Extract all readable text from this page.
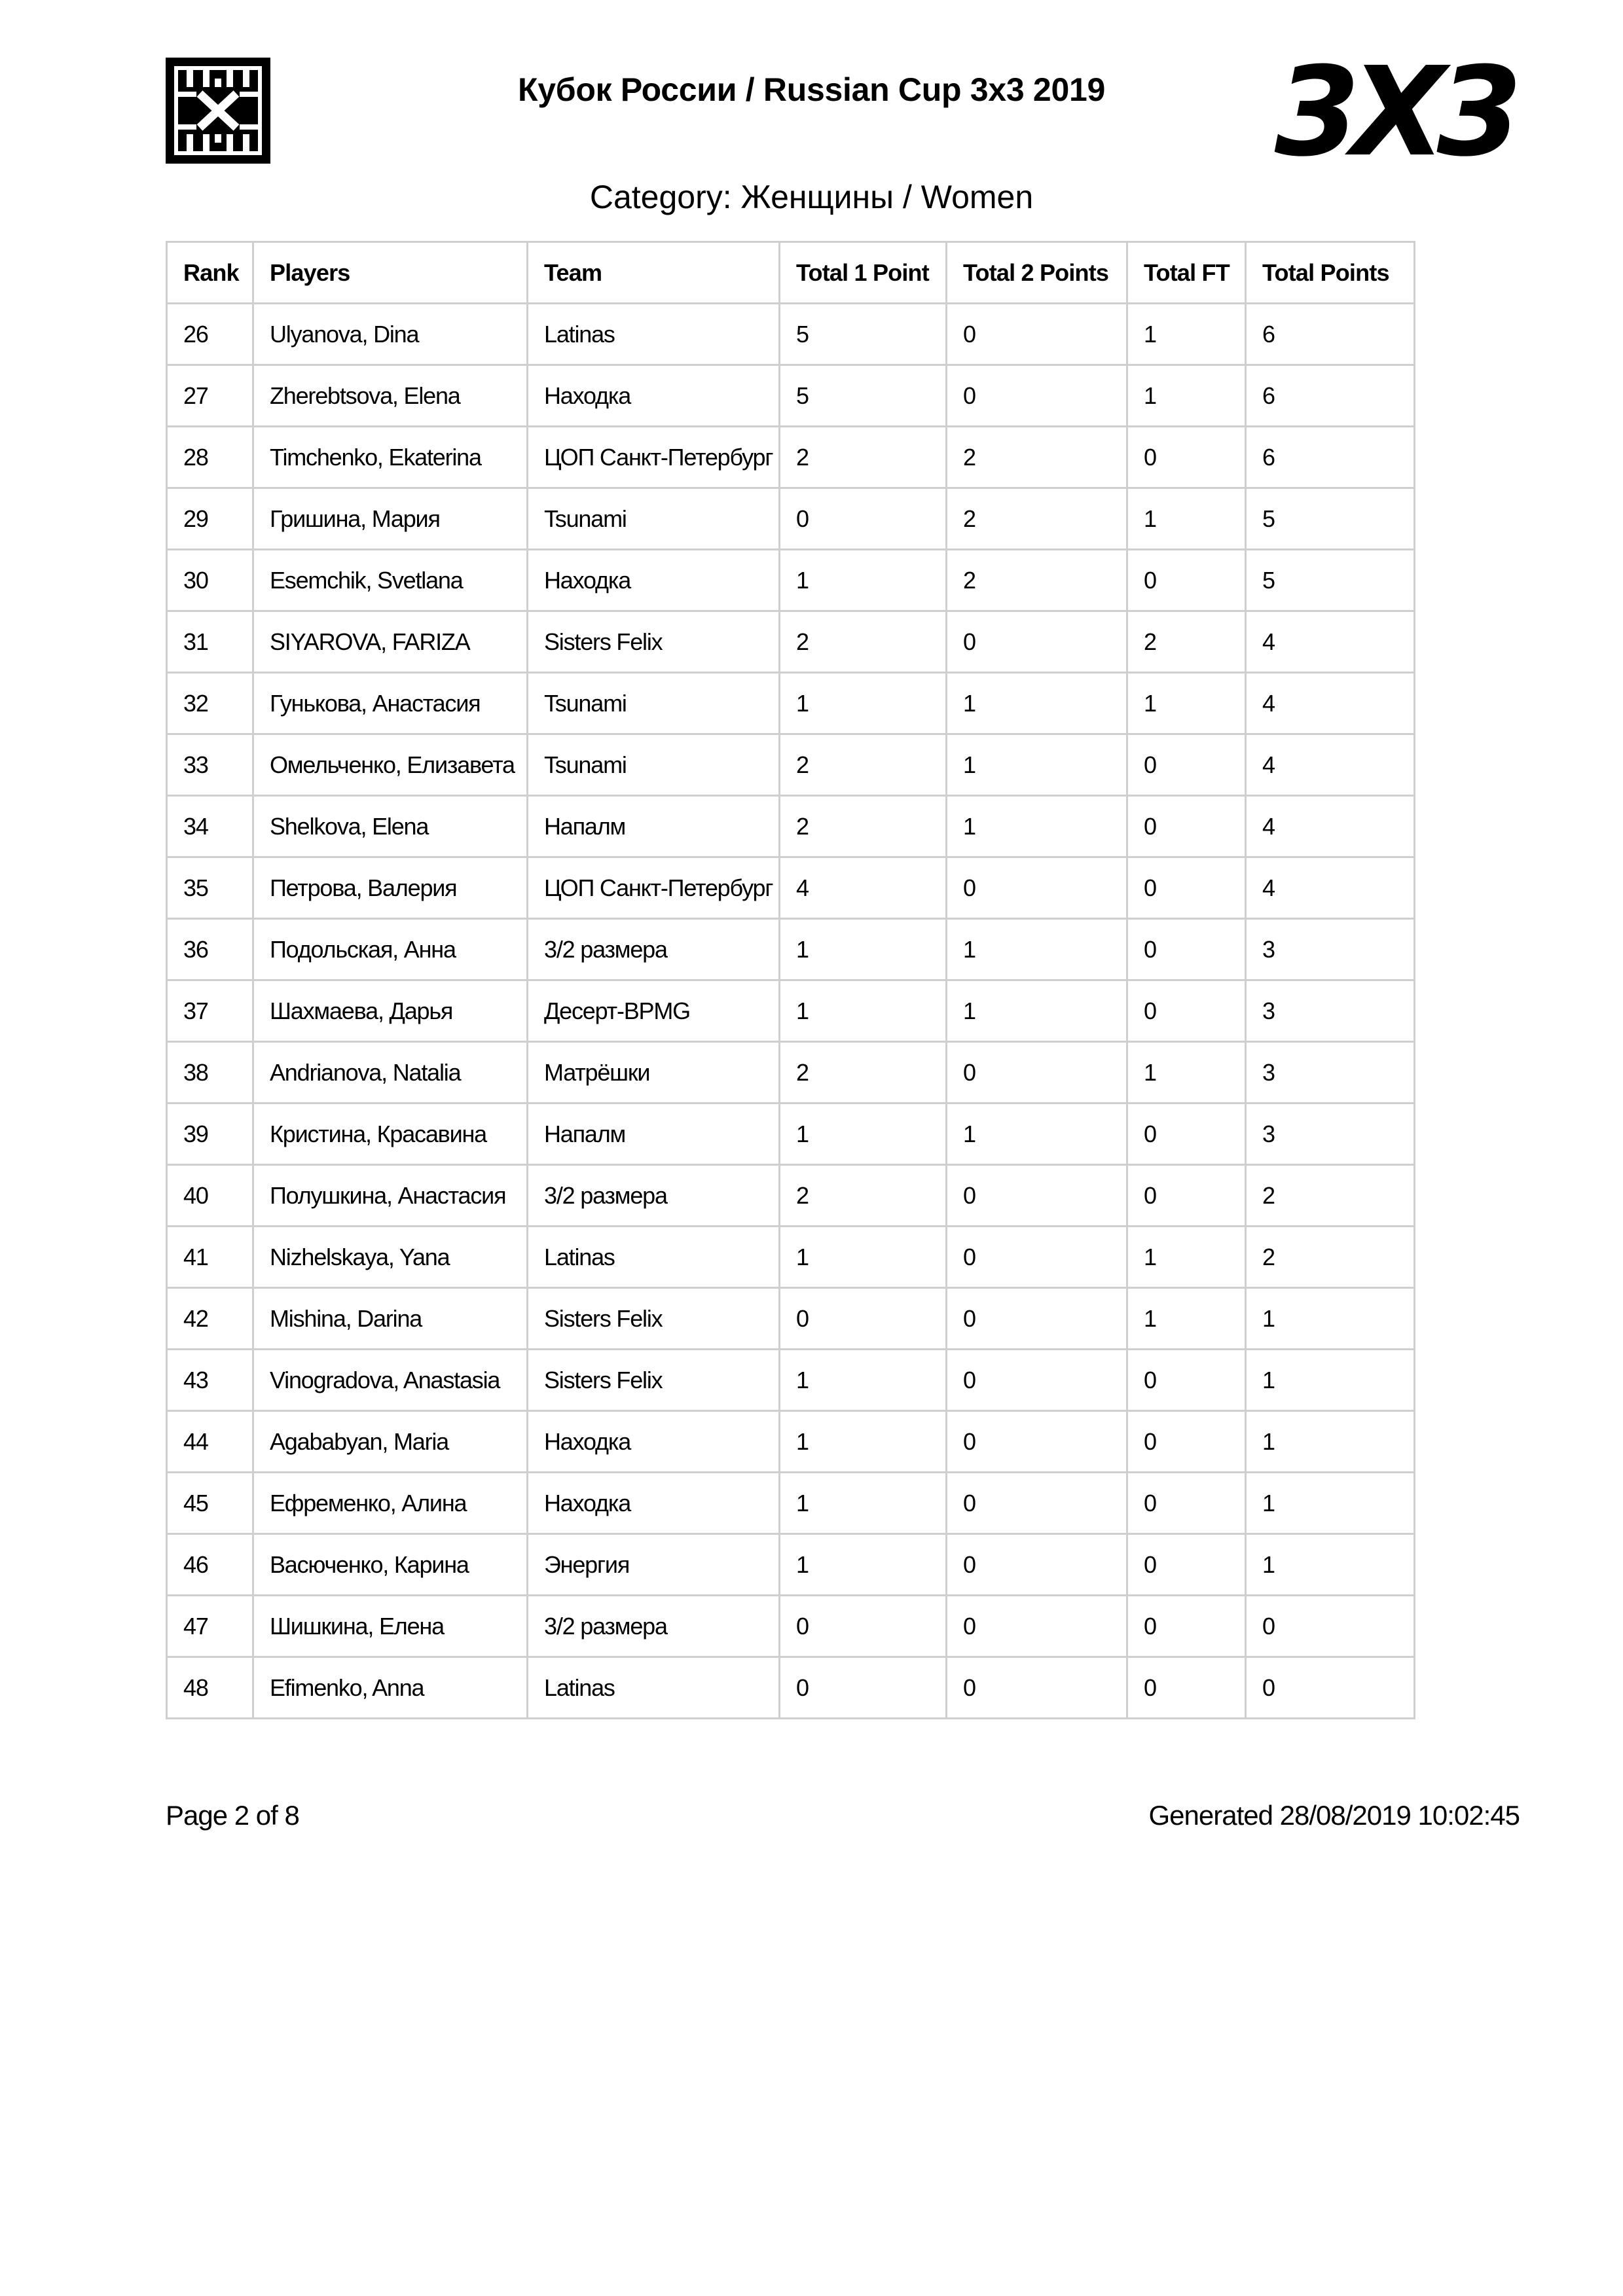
Кубок России / Russian Cup 3x3 2019	3X3
Category: Женщины / Women
Rank	Players	Team	Total 1 Point	Total 2 Points	Total FT	Total Points
26	Ulyanova, Dina	Latinas	5	0	1	6
27	Zherebtsova, Elena	Находка	5	0	1	6
28	Timchenko, Ekaterina	ЦОП Санкт-Петербург	2	2	0	6
29	Гришина, Мария	Tsunami	0	2	1	5
30	Esemchik, Svetlana	Находка	1	2	0	5
31	SIYAROVA, FARIZA	Sisters Felix	2	0	2	4
32	Гунькова, Анастасия	Tsunami	1	1	1	4
33	Омельченко, Елизавета	Tsunami	2	1	0	4
34	Shelkova, Elena	Напалм	2	1	0	4
35	Петрова, Валерия	ЦОП Санкт-Петербург	4	0	0	4
36	Подольская, Анна	3/2 размера	1	1	0	3
37	Шахмаева, Дарья	Десерт-BPMG	1	1	0	3
38	Andrianova, Natalia	Матрёшки	2	0	1	3
39	Кристина, Красавина	Напалм	1	1	0	3
40	Полушкина, Анастасия	3/2 размера	2	0	0	2
41	Nizhelskaya, Yana	Latinas	1	0	1	2
42	Mishina, Darina	Sisters Felix	0	0	1	1
43	Vinogradova, Anastasia	Sisters Felix	1	0	0	1
44	Agababyan, Maria	Находка	1	0	0	1
45	Ефременко, Алина	Находка	1	0	0	1
46	Васюченко, Карина	Энергия	1	0	0	1
47	Шишкина, Елена	3/2 размера	0	0	0	0
48	Efimenko, Anna	Latinas	0	0	0	0
Page 2 of 8	Generated 28/08/2019 10:02:45
